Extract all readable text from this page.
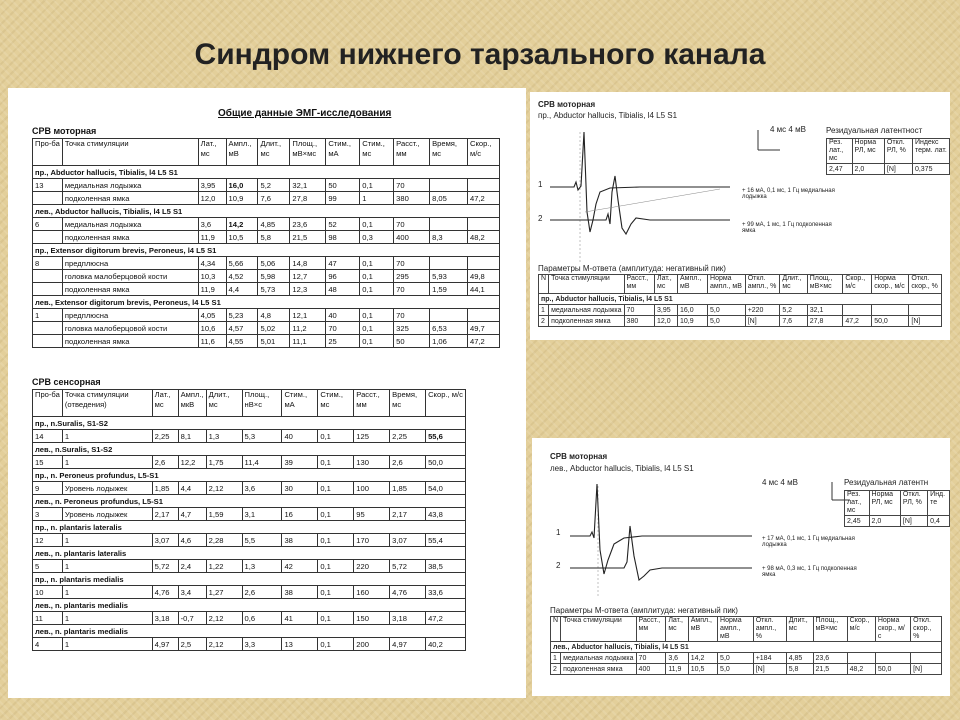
Синдром нижнего тарзального канала
Общие данные ЭМГ-исследования
СРВ моторная
Про-ба	Точка стимуляции	Лат., мс	Ампл., мВ	Длит., мс	Площ., мВ×мс	Стим., мА	Стим., мс	Расст., мм	Время, мс	Скор., м/с
пр., Abductor hallucis, Tibialis, l4 L5 S1										
13	медиальная лодыжка	3,95	16,0	5,2	32,1	50	0,1	70		
	подколенная ямка	12,0	10,9	7,6	27,8	99	1	380	8,05	47,2
лев., Abductor hallucis, Tibialis, l4 L5 S1										
6	медиальная лодыжка	3,6	14,2	4,85	23,6	52	0,1	70		
	подколенная ямка	11,9	10,5	5,8	21,5	98	0,3	400	8,3	48,2
пр., Extensor digitorum brevis, Peroneus, l4 L5 S1										
8	предплюсна	4,34	5,66	5,06	14,8	47	0,1	70		
	головка малоберцовой кости	10,3	4,52	5,98	12,7	96	0,1	295	5,93	49,8
	подколенная ямка	11,9	4,4	5,73	12,3	48	0,1	70	1,59	44,1
лев., Extensor digitorum brevis, Peroneus, l4 L5 S1										
1	предплюсна	4,05	5,23	4,8	12,1	40	0,1	70		
	головка малоберцовой кости	10,6	4,57	5,02	11,2	70	0,1	325	6,53	49,7
	подколенная ямка	11,6	4,55	5,01	11,1	25	0,1	50	1,06	47,2
СРВ сенсорная
Про-ба	Точка стимуляции (отведения)	Лат., мс	Ампл., мкВ	Длит., мс	Площ., нВ×с	Стим., мА	Стим., мс	Расст., мм	Время, мс	Скор., м/с
пр., n.Suralis, S1-S2										
14	1	2,25	8,1	1,3	5,3	40	0,1	125	2,25	55,6
лев., n.Suralis, S1-S2										
15	1	2,6	12,2	1,75	11,4	39	0,1	130	2,6	50,0
пр., n. Peroneus profundus, L5-S1										
9	Уровень лодыжек	1,85	4,4	2,12	3,6	30	0,1	100	1,85	54,0
лев., n. Peroneus profundus, L5-S1										
3	Уровень лодыжек	2,17	4,7	1,59	3,1	16	0,1	95	2,17	43,8
пр., n. plantaris lateralis										
12	1	3,07	4,6	2,28	5,5	38	0,1	170	3,07	55,4
лев., n. plantaris lateralis										
5	1	5,72	2,4	1,22	1,3	42	0,1	220	5,72	38,5
пр., n. plantaris medialis										
10	1	4,76	3,4	1,27	2,6	38	0,1	160	4,76	33,6
лев., n. plantaris medialis										
11	1	3,18	-0,7	2,12	0,6	41	0,1	150	3,18	47,2
лев., n. plantaris medialis										
4	1	4,97	2,5	2,12	3,3	13	0,1	200	4,97	40,2
СРВ моторная
пр., Abductor hallucis, Tibialis, l4 L5 S1
4 мс 4 мВ
1
2
+ 16 мА, 0,1 мс, 1 Гц медиальная лодыжка
+ 99 мА, 1 мс, 1 Гц подколенная ямка
Резидуальная латентност
Рез. лат., мс	Норма РЛ, мс	Откл. РЛ, %	Индекс терм. лат.
2,47	2,0	[N]	0,375
Параметры М-ответа (амплитуда: негативный пик)
N	Точка стимуляции	Расст., мм	Лат., мс	Ампл., мВ	Норма ампл., мВ	Откл. ампл., %	Длит., мс	Площ., мВ×мс	Скор., м/с	Норма скор., м/с	Откл. скор., %
пр., Abductor hallucis, Tibialis, l4 L5 S1											
1	медиальная лодыжка	70	3,95	16,0	5,0	+220	5,2	32,1			
2	подколенная ямка	380	12,0	10,9	5,0	[N]	7,6	27,8	47,2	50,0	[N]
СРВ моторная
лев., Abductor hallucis, Tibialis, l4 L5 S1
4 мс 4 мВ
1
2
+ 17 мА, 0,1 мс, 1 Гц медиальная лодыжка
+ 98 мА, 0,3 мс, 1 Гц подколенная ямка
Резидуальная латентн
Рез. лат., мс	Норма РЛ, мс	Откл. РЛ, %	Инд. те
2,45	2,0	[N]	0,4
Параметры М-ответа (амплитуда: негативный пик)
N	Точка стимуляции	Расст., мм	Лат., мс	Ампл., мВ	Норма ампл., мВ	Откл. ампл., %	Длит., мс	Площ., мВ×мс	Скор., м/с	Норма скор., м/с	Откл. скор., %
лев., Abductor hallucis, Tibialis, l4 L5 S1											
1	медиальная лодыжка	70	3,6	14,2	5,0	+184	4,85	23,6			
2	подколенная ямка	400	11,9	10,5	5,0	[N]	5,8	21,5	48,2	50,0	[N]
